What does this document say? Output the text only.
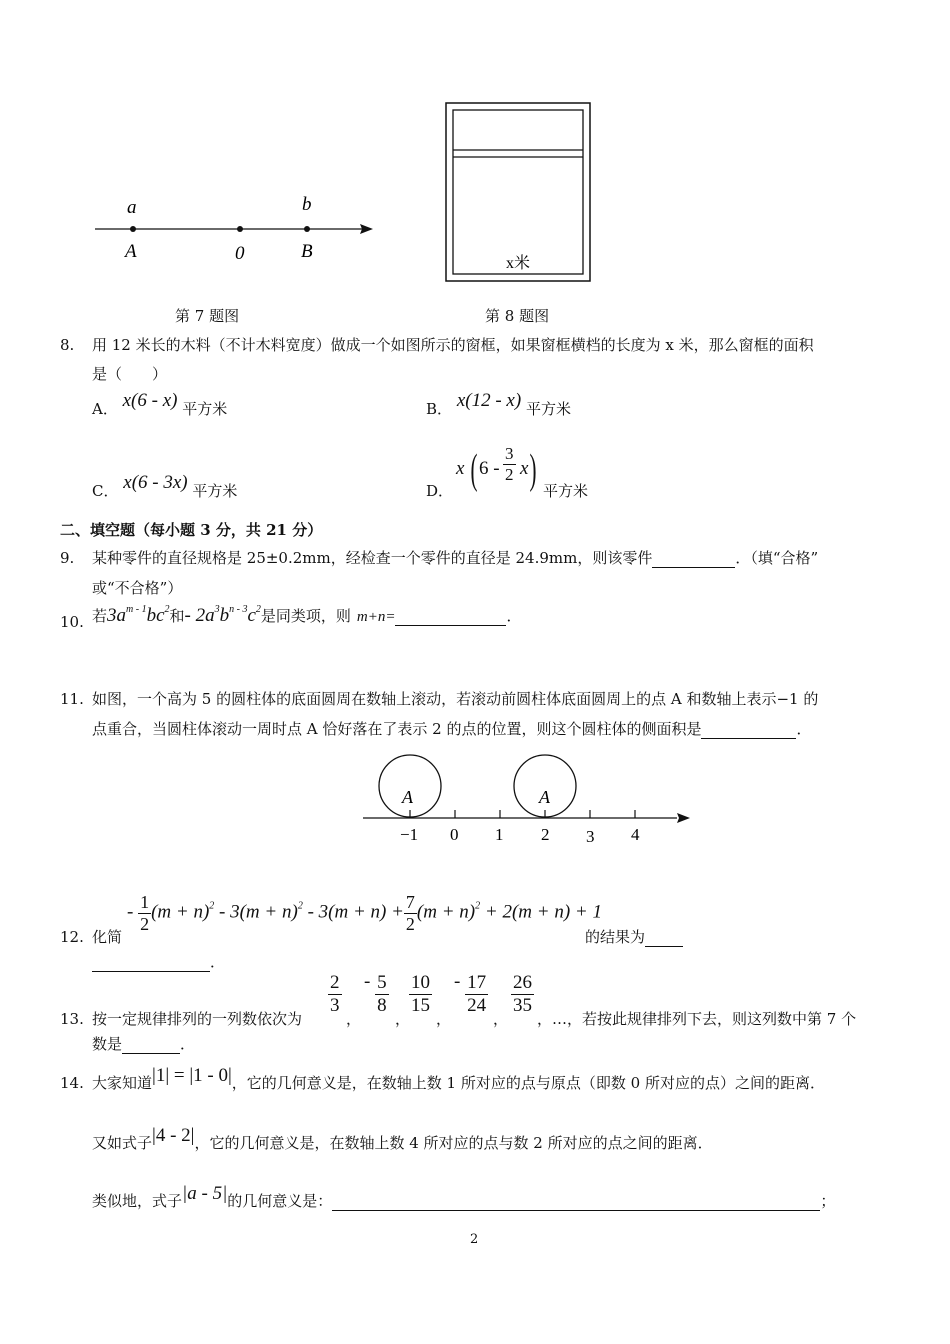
a
A	0
b
B
x米
第 7 题图	第 8 题图
8. 用 12 米长的木料（不计木料宽度）做成一个如图所示的窗框，如果窗框横档的长度为 x 米，那么窗框的面积
是（　　）
A． x(6 - x) 平方米	B． x(12 - x) 平方米
C． x(6 - 3x) 平方米	D．
x ( $6 - \frac{3}{2}$ x ) 平方米
二、填空题（每小题 3 分，共 21 分）
9. 某种零件的直径规格是 25±0.2mm，经检查一个零件的直径是 24.9mm，则该零件	．（填“合格”
或“不合格”）
10. 若$3a^{m - 1}bc^2$和- $2a^3b^{n - 3}c^2$是同类项，则 m+n=	．
11. 如图，一个高为 5 的圆柱体的底面圆周在数轴上滚动，若滚动前圆柱体底面圆周上的点 A 和数轴上表示−1 的
点重合，当圆柱体滚动一周时点 A 恰好落在了表示 2 的点的位置，则这个圆柱体的侧面积是	．
A	A
−1 0 1 2 3 4
12. 化简
- $\frac{1}{2} (m + n)^2 - 3(m + n)^2 - 3(m + n) + \frac{7}{2} (m + n)^2 + 2(m + n) + 1$
的结果为
．
13. 按一定规律排列的一列数依次为
$\frac{2}{3}$
，
- $\frac{5}{8}$
，
$\frac{10}{15}$
，
- $\frac{17}{24}$
，
$\frac{26}{35}$
，…，若按此规律排列下去，则这列数中第 7 个
数是	．
14. 大家知道|1| = |1 - 0|，它的几何意义是，在数轴上数 1 所对应的点与原点（即数 0 所对应的点）之间的距离．
又如式子|4 - 2|，它的几何意义是，在数轴上数 4 所对应的点与数 2 所对应的点之间的距离．
类似地，式子|a - 5|的几何意义是：	；
2
